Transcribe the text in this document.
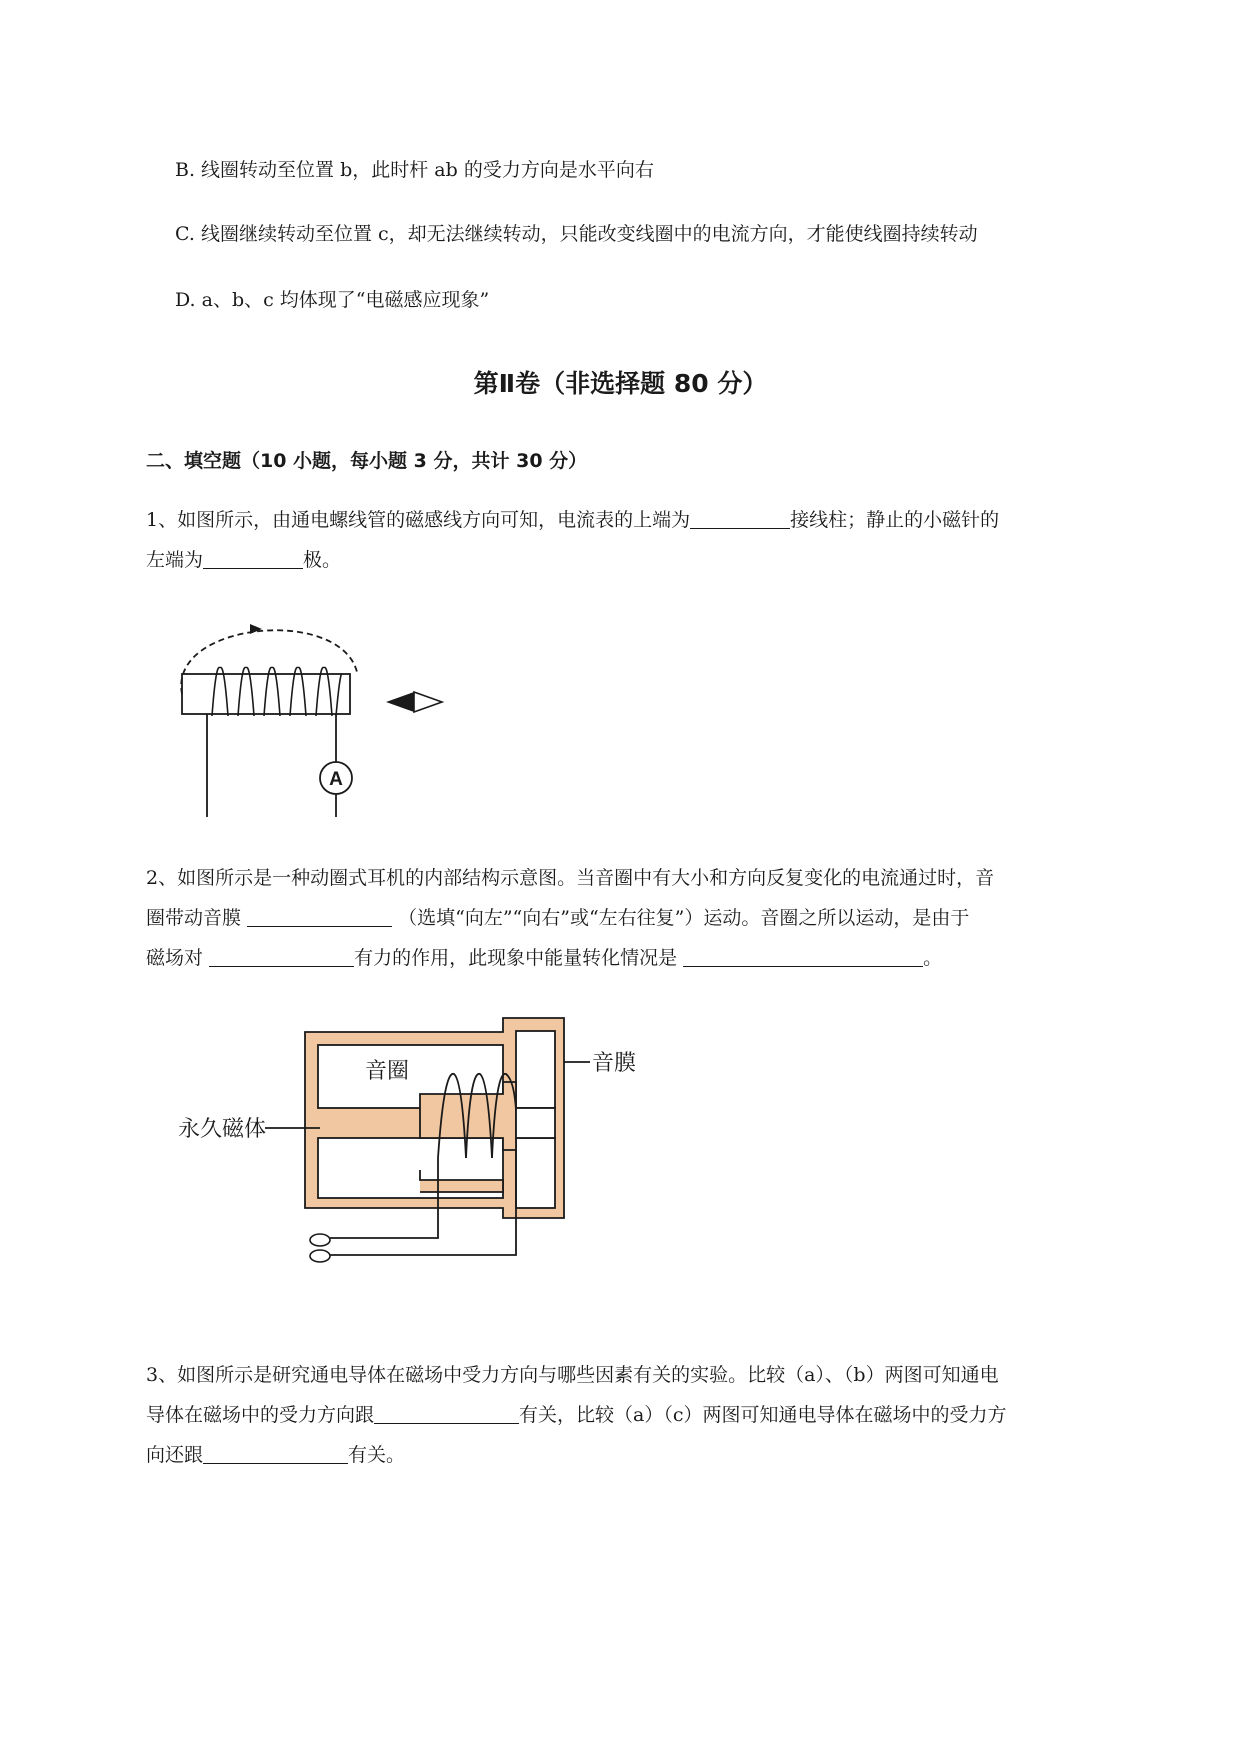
B. 线圈转动至位置 b，此时杆 ab 的受力方向是水平向右
C. 线圈继续转动至位置 c，却无法继续转动，只能改变线圈中的电流方向，才能使线圈持续转动
D. a、b、c 均体现了“电磁感应现象”
第Ⅱ卷（非选择题 80 分）
二、填空题（10 小题，每小题 3 分，共计 30 分）
1、如图所示，由通电螺线管的磁感线方向可知，电流表的上端为	接线柱；静止的小磁针的
左端为	极。
A
2、如图所示是一种动圈式耳机的内部结构示意图。当音圈中有大小和方向反复变化的电流通过时，音
圈带动音膜	（选填“向左”“向右”或“左右往复”）运动。音圈之所以运动，是由于
磁场对	有力的作用，此现象中能量转化情况是	。
音圈	音膜
永久磁体
3、如图所示是研究通电导体在磁场中受力方向与哪些因素有关的实验。比较（a）、（b）两图可知通电
导体在磁场中的受力方向跟	有关，比较（a）（c）两图可知通电导体在磁场中的受力方
向还跟	有关。
